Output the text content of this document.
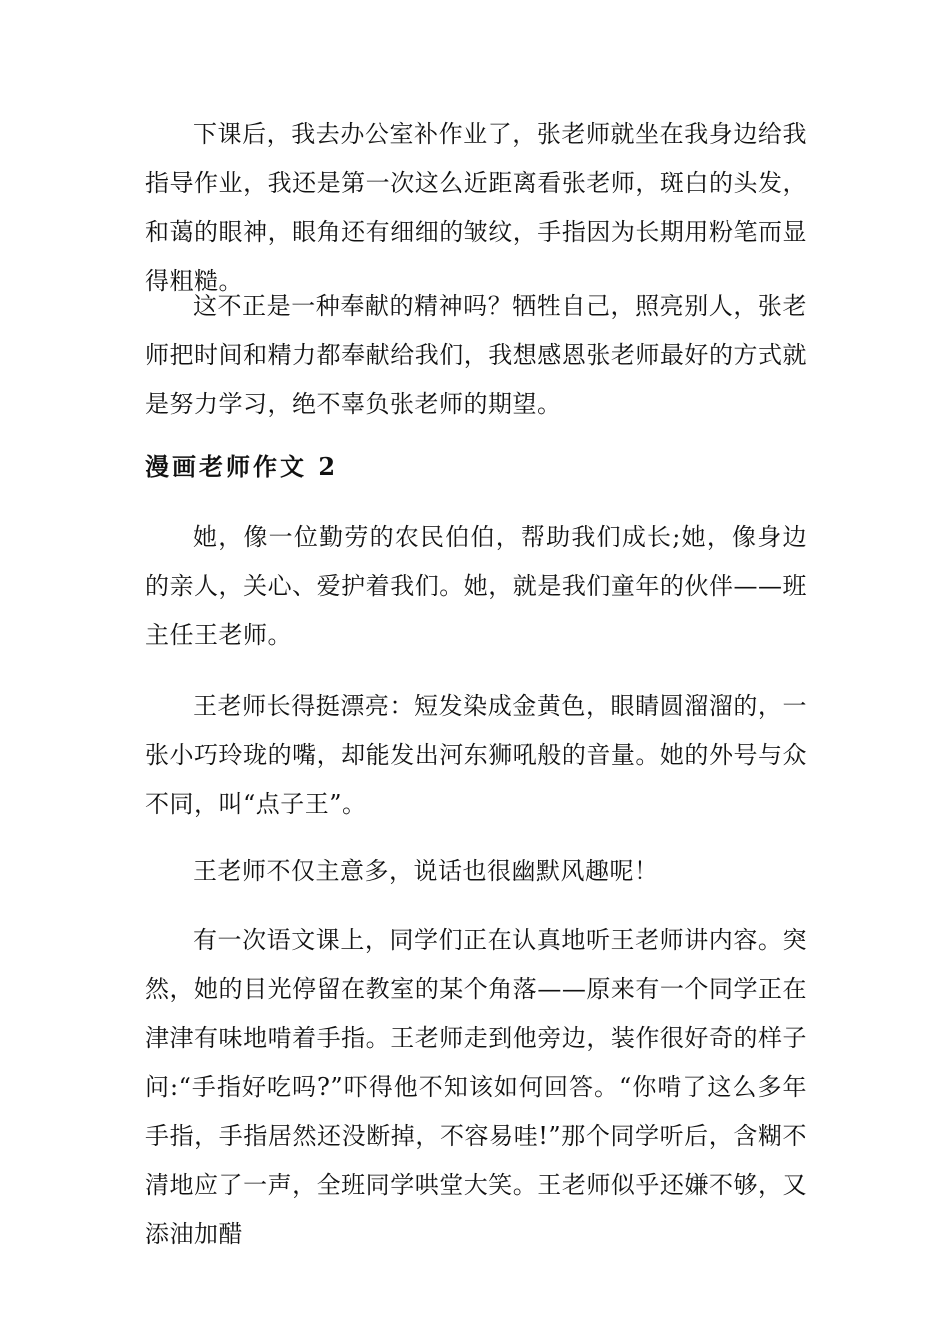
下课后，我去办公室补作业了，张老师就坐在我身边给我指导作业，我还是第一次这么近距离看张老师，斑白的头发，和蔼的眼神，眼角还有细细的皱纹，手指因为长期用粉笔而显得粗糙。

这不正是一种奉献的精神吗？牺牲自己，照亮别人，张老师把时间和精力都奉献给我们，我想感恩张老师最好的方式就是努力学习，绝不辜负张老师的期望。

漫画老师作文 2

她，像一位勤劳的农民伯伯，帮助我们成长;她，像身边的亲人，关心、爱护着我们。她，就是我们童年的伙伴——班主任王老师。

王老师长得挺漂亮：短发染成金黄色，眼睛圆溜溜的，一张小巧玲珑的嘴，却能发出河东狮吼般的音量。她的外号与众不同，叫“点子王”。

王老师不仅主意多，说话也很幽默风趣呢！

有一次语文课上，同学们正在认真地听王老师讲内容。突然，她的目光停留在教室的某个角落——原来有一个同学正在津津有味地啃着手指。王老师走到他旁边，装作很好奇的样子问:“手指好吃吗?”吓得他不知该如何回答。“你啃了这么多年手指，手指居然还没断掉，不容易哇!”那个同学听后，含糊不清地应了一声，全班同学哄堂大笑。王老师似乎还嫌不够，又添油加醋
